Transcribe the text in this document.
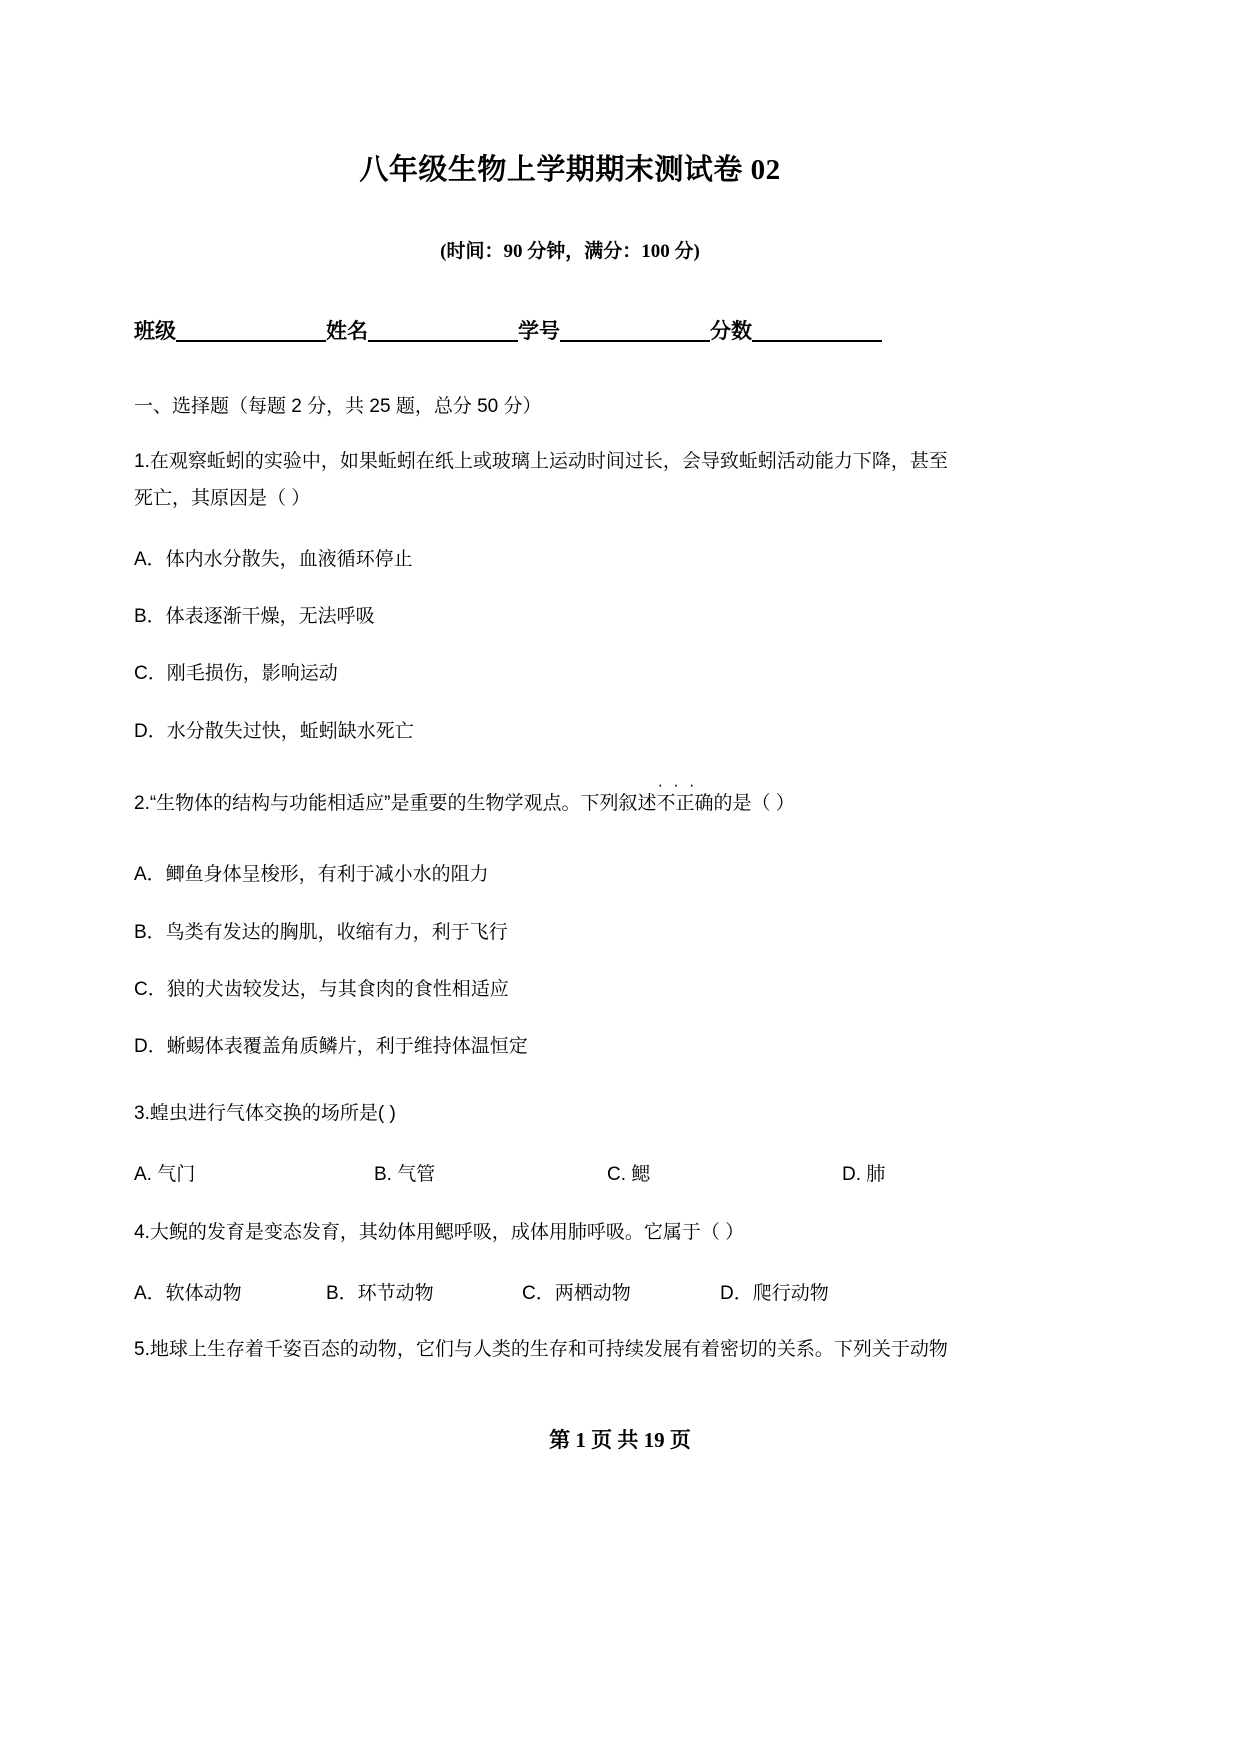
八年级生物上学期期末测试卷 02

(时间：90 分钟，满分：100 分)

班级	姓名	学号	分数

一、选择题（每题 2 分，共 25 题，总分 50 分）

1.在观察蚯蚓的实验中，如果蚯蚓在纸上或玻璃上运动时间过长，会导致蚯蚓活动能力下降，甚至

死亡，其原因是（ ）

A．体内水分散失，血液循环停止

B．体表逐渐干燥，无法呼吸

C．刚毛损伤，影响运动

D．水分散失过快，蚯蚓缺水死亡

2.“生物体的结构与功能相适应”是重要的生物学观点。下列叙述
···
不正确的是（ ）

A．鲫鱼身体呈梭形，有利于减小水的阻力

B．鸟类有发达的胸肌，收缩有力，利于飞行

C．狼的犬齿较发达，与其食肉的食性相适应

D．蜥蜴体表覆盖角质鳞片，利于维持体温恒定

3.蝗虫进行气体交换的场所是( )

A. 气门	B. 气管	C. 鳃	D. 肺

4.大鲵的发育是变态发育，其幼体用鳃呼吸，成体用肺呼吸。它属于（ ）

A．软体动物	B．环节动物	C．两栖动物	D．爬行动物

5.地球上生存着千姿百态的动物，它们与人类的生存和可持续发展有着密切的关系。下列关于动物

第 1 页 共 19 页
